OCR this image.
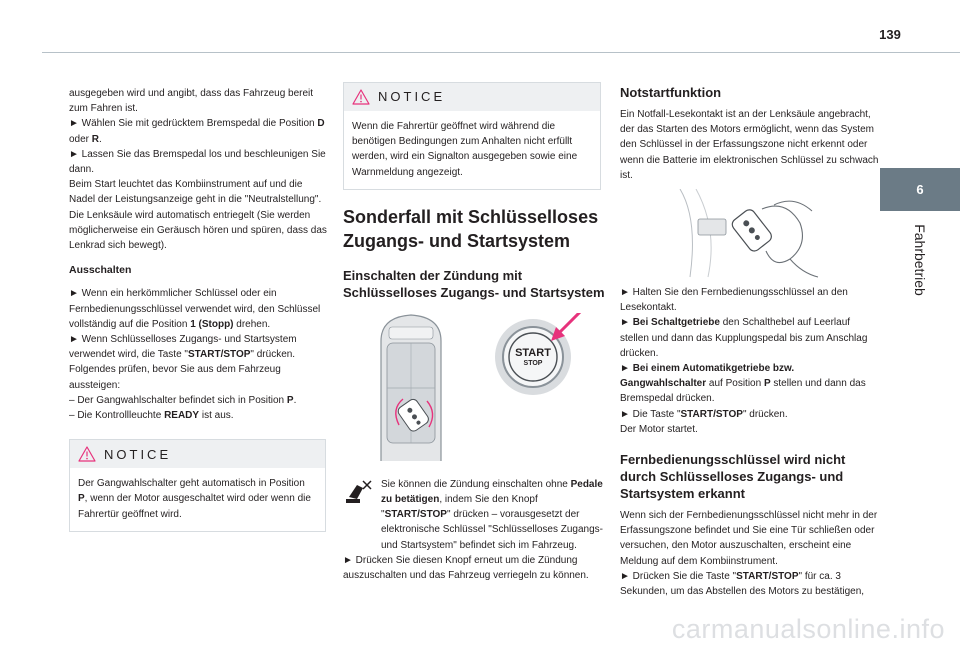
139
6
Fahrbetrieb

ausgegeben wird und angibt, dass das Fahrzeug bereit zum Fahren ist.

► Wählen Sie mit gedrücktem Bremspedal die Position D oder R.

► Lassen Sie das Bremspedal los und beschleunigen Sie dann.

Beim Start leuchtet das Kombiinstrument auf und die Nadel der Leistungsanzeige geht in die "Neutralstellung". Die Lenksäule wird automatisch entriegelt (Sie werden möglicherweise ein Geräusch hören und spüren, dass das Lenkrad sich bewegt).

Ausschalten

► Wenn ein herkömmlicher Schlüssel oder ein Fernbedienungsschlüssel verwendet wird, den Schlüssel vollständig auf die Position 1 (Stopp) drehen.

► Wenn Schlüsselloses Zugangs- und Startsystem verwendet wird, die Taste "START/STOP" drücken.

Folgendes prüfen, bevor Sie aus dem Fahrzeug aussteigen:

– Der Gangwahlschalter befindet sich in Position P.

– Die Kontrollleuchte READY ist aus.

NOTICE
Der Gangwahlschalter geht automatisch in Position P, wenn der Motor ausgeschaltet wird oder wenn die Fahrertür geöffnet wird.
NOTICE
Wenn die Fahrertür geöffnet wird während die benötigen Bedingungen zum Anhalten nicht erfüllt werden, wird ein Signalton ausgegeben sowie eine Warnmeldung angezeigt.

Sonderfall mit Schlüsselloses Zugangs- und Startsystem

Einschalten der Zündung mit Schlüsselloses Zugangs- und Startsystem

START
STOP

Sie können die Zündung einschalten ohne Pedale zu betätigen, indem Sie den Knopf "START/STOP" drücken – vorausgesetzt der elektronische Schlüssel "Schlüsselloses Zugangs- und Startsystem" befindet sich im Fahrzeug.

► Drücken Sie diesen Knopf erneut um die Zündung auszuschalten und das Fahrzeug verriegeln zu können.

Notstartfunktion

Ein Notfall-Lesekontakt ist an der Lenksäule angebracht, der das Starten des Motors ermöglicht, wenn das System den Schlüssel in der Erfassungszone nicht erkennt oder wenn die Batterie im elektronischen Schlüssel zu schwach ist.

► Halten Sie den Fernbedienungsschlüssel an den Lesekontakt.

► Bei Schaltgetriebe den Schalthebel auf Leerlauf stellen und dann das Kupplungspedal bis zum Anschlag drücken.

► Bei einem Automatikgetriebe bzw. Gangwahlschalter auf Position P stellen und dann das Bremspedal drücken.

► Die Taste "START/STOP" drücken.

Der Motor startet.

Fernbedienungsschlüssel wird nicht durch Schlüsselloses Zugangs- und Startsystem erkannt

Wenn sich der Fernbedienungsschlüssel nicht mehr in der Erfassungszone befindet und Sie eine Tür schließen oder versuchen, den Motor auszuschalten, erscheint eine Meldung auf dem Kombiinstrument.

► Drücken Sie die Taste "START/STOP" für ca. 3 Sekunden, um das Abstellen des Motors zu bestätigen,

carmanualsonline.info
